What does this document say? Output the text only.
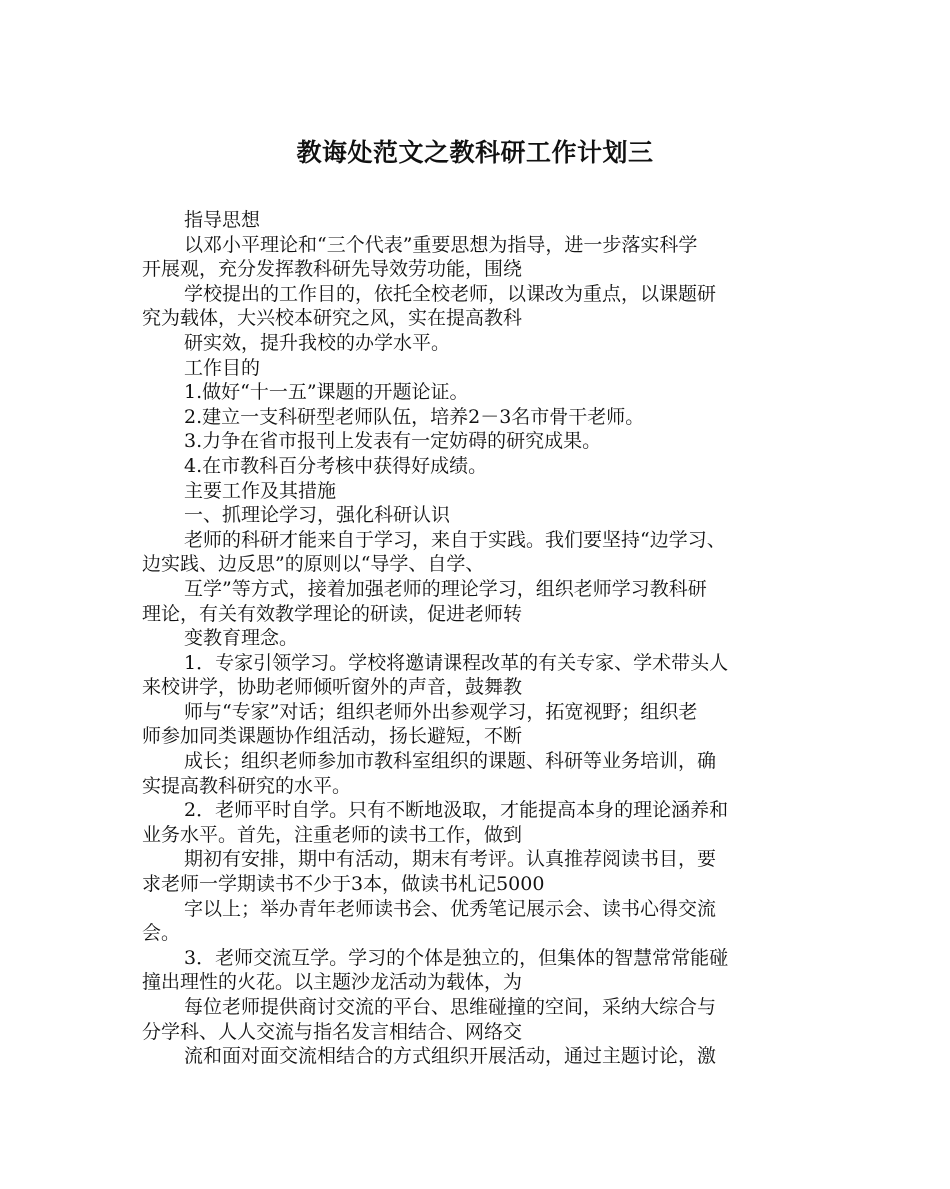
教诲处范文之教科研工作计划三

指导思想

以邓小平理论和“三个代表”重要思想为指导，进一步落实科学

开展观，充分发挥教科研先导效劳功能，围绕

学校提出的工作目的，依托全校老师，以课改为重点，以课题研

究为载体，大兴校本研究之风，实在提高教科

研实效，提升我校的办学水平。

工作目的

1.做好“十一五”课题的开题论证。

2.建立一支科研型老师队伍，培养2－3名市骨干老师。

3.力争在省市报刊上发表有一定妨碍的研究成果。

4.在市教科百分考核中获得好成绩。

主要工作及其措施

一、抓理论学习，强化科研认识

老师的科研才能来自于学习，来自于实践。我们要坚持“边学习、

边实践、边反思”的原则以“导学、自学、

互学”等方式，接着加强老师的理论学习，组织老师学习教科研

理论，有关有效教学理论的研读，促进老师转

变教育理念。

1．专家引领学习。学校将邀请课程改革的有关专家、学术带头人

来校讲学，协助老师倾听窗外的声音，鼓舞教

师与“专家”对话；组织老师外出参观学习，拓宽视野；组织老

师参加同类课题协作组活动，扬长避短，不断

成长；组织老师参加市教科室组织的课题、科研等业务培训，确

实提高教科研究的水平。

2．老师平时自学。只有不断地汲取，才能提高本身的理论涵养和

业务水平。首先，注重老师的读书工作，做到

期初有安排，期中有活动，期末有考评。认真推荐阅读书目，要

求老师一学期读书不少于3本，做读书札记5000

字以上；举办青年老师读书会、优秀笔记展示会、读书心得交流

会。

3．老师交流互学。学习的个体是独立的，但集体的智慧常常能碰

撞出理性的火花。以主题沙龙活动为载体，为

每位老师提供商讨交流的平台、思维碰撞的空间，采纳大综合与

分学科、人人交流与指名发言相结合、网络交

流和面对面交流相结合的方式组织开展活动，通过主题讨论，激
